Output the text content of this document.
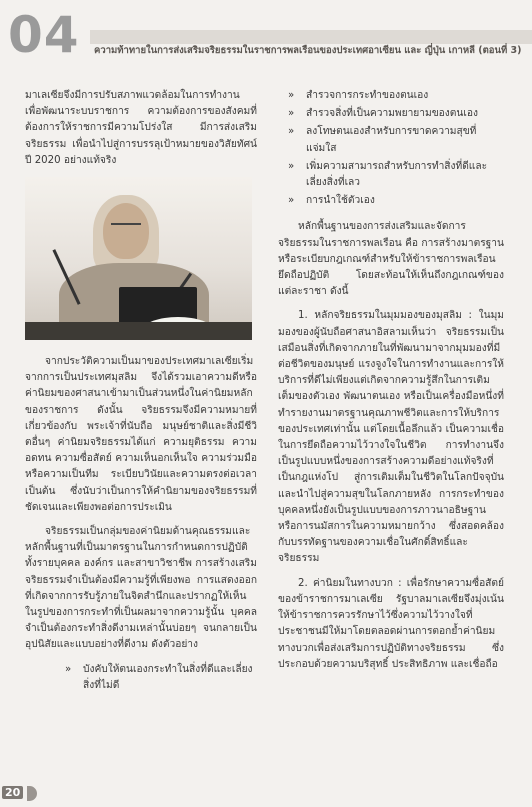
04 ความท้าทายในการส่งเสริมจริยธรรมในราชการพลเรือนของประเทศอาเซียน และ ญี่ปุ่น เกาหลี (ตอนที่ 3)

มาเลเซียจึงมีการปรับสภาพแวดล้อมในการทำงาน เพื่อพัฒนาระบบราชการ ความต้องการของสังคมที่ต้องการให้ราชการมีความโปร่งใส มีการส่งเสริมจริยธรรม เพื่อนำไปสู่การบรรลุเป้าหมายของวิสัยทัศน์ปี 2020 อย่างแท้จริง

จากประวัติความเป็นมาของประเทศมาเลเซียเริ่มจากการเป็นประเทศมุสลิม จึงได้รวมเอาความดีหรือค่านิยมของศาสนาเข้ามาเป็นส่วนหนึ่งในค่านิยมหลักของราชการ ดังนั้น จริยธรรมจึงมีความหมายที่เกี่ยวข้องกับ พระเจ้าที่นับถือ มนุษย์ชาติและสิ่งมีชีวิตอื่นๆ ค่านิยมจริยธรรมได้แก่ ความยุติธรรม ความอดทน ความซื่อสัตย์ ความเห็นอกเห็นใจ ความร่วมมือหรือความเป็นทีม ระเบียบวินัยและความตรงต่อเวลาเป็นต้น ซึ่งนับว่าเป็นการให้คำนิยามของจริยธรรมที่ชัดเจนและเพียงพอต่อการประเมิน

จริยธรรมเป็นกลุ่มของค่านิยมด้านคุณธรรมและหลักพื้นฐานที่เป็นมาตรฐานในการกำหนดการปฏิบัติทั้งรายบุคคล องค์กร และสาขาวิชาชีพ การสร้างเสริมจริยธรรมจำเป็นต้องมีความรู้ที่เพียงพอ การแสดงออกที่เกิดจากการรับรู้ภายในจิตสำนึกและปรากฏให้เห็นในรูปของการกระทำที่เป็นผลมาจากความรู้นั้น บุคคลจำเป็นต้องกระทำสิ่งดีงามเหล่านั้นบ่อยๆ จนกลายเป็นอุปนิสัยและแบบอย่างที่ดีงาม ดังตัวอย่าง

» บังคับให้ตนเองกระทำในสิ่งที่ดีและเลี่ยงสิ่งที่ไม่ดี
» สำรวจการกระทำของตนเอง
» สำรวจสิ่งที่เป็นความพยายามของตนเอง
» ลงโทษตนเองสำหรับการขาดความสุขที่แจ่มใส
» เพิ่มความสามารถสำหรับการทำสิ่งที่ดีและเลี่ยงสิ่งที่เลว
» การนำใช้ตัวเอง

หลักพื้นฐานของการส่งเสริมและจัดการจริยธรรมในราชการพลเรือน คือ การสร้างมาตรฐานหรือระเบียบกฎเกณฑ์สำหรับให้ข้าราชการพลเรือนยึดถือปฏิบัติ โดยสะท้อนให้เห็นถึงกฎเกณฑ์ของแต่ละราชา ดังนี้

1. หลักจริยธรรมในมุมมองของมุสลิม : ในมุมมองของผู้นับถือศาสนาอิสลามเห็นว่า จริยธรรมเป็นเสมือนสิ่งที่เกิดจากภายในที่พัฒนามาจากมุมมองที่มีต่อชีวิตของมนุษย์ แรงจูงใจในการทำงานและการให้บริการที่ดีไม่เพียงแต่เกิดจากความรู้สึกในการเติมเต็มของตัวเอง พัฒนาตนเอง หรือเป็นเครื่องมือหนึ่งที่ทำรายงานมาตรฐานคุณภาพชีวิตและการให้บริการของประเทศเท่านั้น แต่โดยเนื้อลึกแล้ว เป็นความเชื่อในการยึดถือความไว้วางใจในชีวิต การทำงานจึงเป็นรูปแบบหนึ่งของการสร้างความดีอย่างแท้จริงที่เป็นกฎแห่งโป สู่การเติมเต็มในชีวิตในโลกปัจจุบันและนำไปสู่ความสุขในโลกภายหลัง การกระทำของบุคคลหนึ่งยังเป็นรูปแบบของการภาวนาอธิษฐานหรือการนมัสการในความหมายกว้าง ซึ่งสอดคล้องกับบรรทัดฐานของความเชื่อในศักดิ์สิทธิ์และจริยธรรม

2. ค่านิยมในทางบวก : เพื่อรักษาความซื่อสัตย์ของข้าราชการมาเลเซีย รัฐบาลมาเลเซียจึงมุ่งเน้น ให้ข้าราชการควรรักษาไว้ซึ่งความไว้วางใจที่ประชาชนมีให้มาโดยตลอดผ่านการตอกย้ำค่านิยมทางบวกเพื่อส่งเสริมการปฏิบัติทางจริยธรรม ซึ่งประกอบด้วยความบริสุทธิ์ ประสิทธิภาพ และเชื่อถือ

20
